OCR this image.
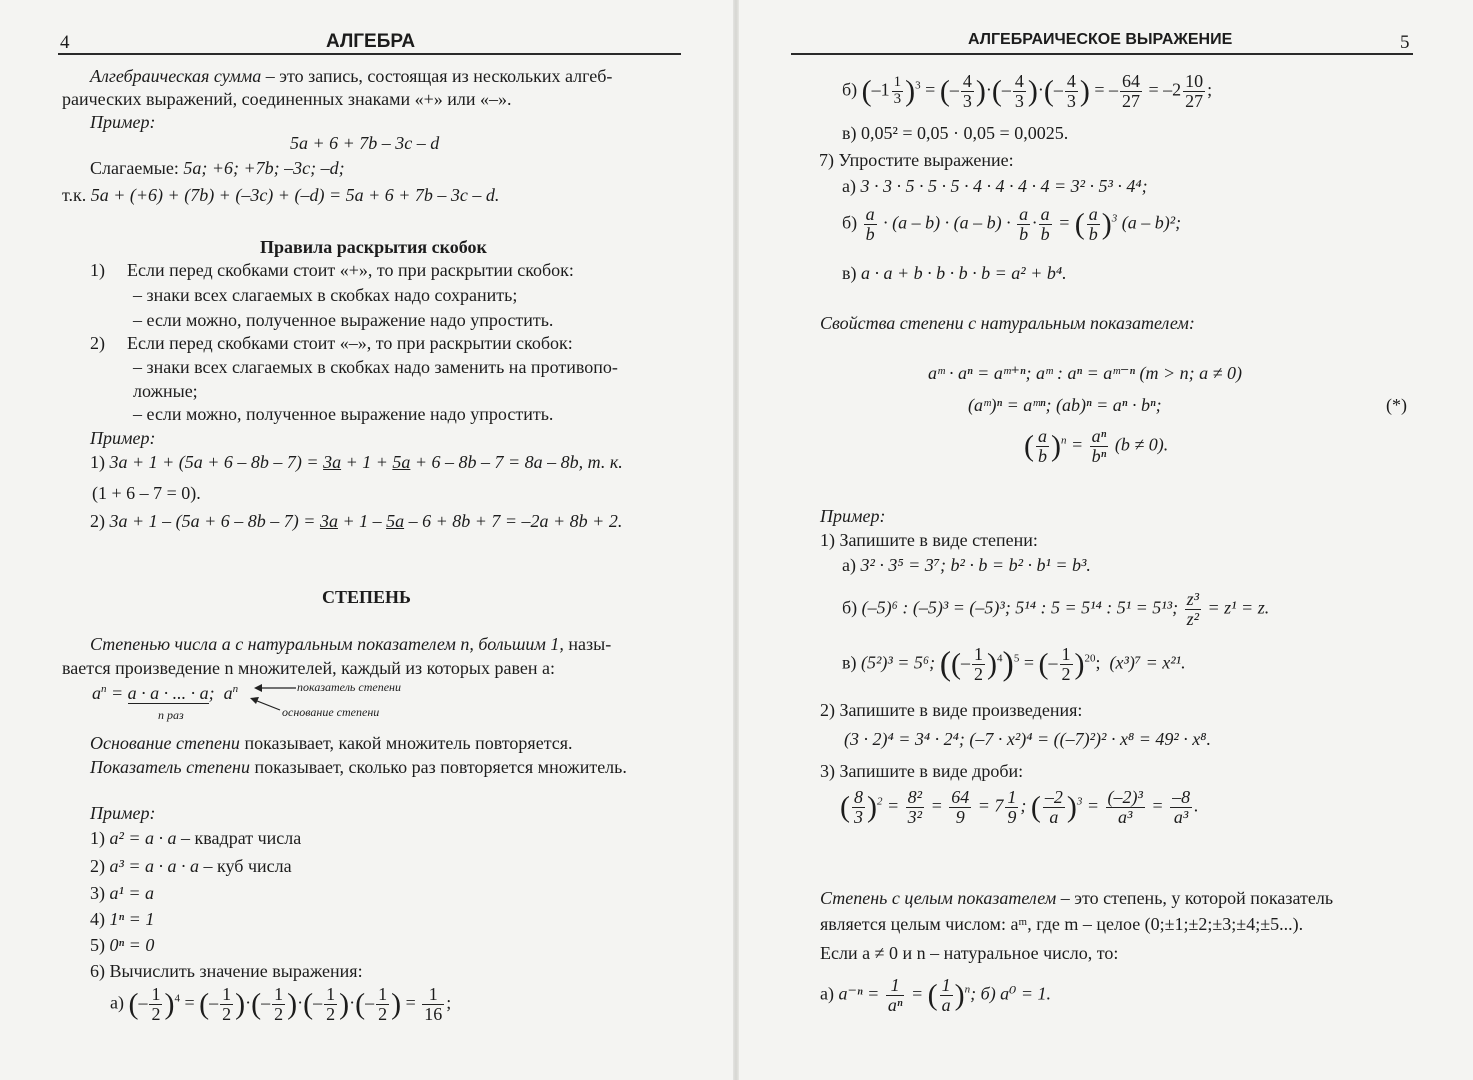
4	АЛГЕБРА
Алгебраическая сумма – это запись, состоящая из нескольких алгеб-
раических выражений, соединенных знаками «+» или «–».
Пример:
5a + 6 + 7b – 3c – d
Слагаемые: 5a; +6; +7b; –3c; –d;
т.к. 5a + (+6) + (7b) + (–3c) + (–d) = 5a + 6 + 7b – 3c – d.
Правила раскрытия скобок
1) Если перед скобками стоит «+», то при раскрытии скобок:
– знаки всех слагаемых в скобках надо сохранить;
– если можно, полученное выражение надо упростить.
2) Если перед скобками стоит «–», то при раскрытии скобок:
– знаки всех слагаемых в скобках надо заменить на противопо-
ложные;
– если можно, полученное выражение надо упростить.
Пример:
1) 3a + 1 + (5a + 6 – 8b – 7) = 3a + 1 + 5a + 6 – 8b – 7 = 8a – 8b, т. к.
(1 + 6 – 7 = 0).
2) 3a + 1 – (5a + 6 – 8b – 7) = 3a + 1 – 5a – 6 + 8b + 7 = –2a + 8b + 2.
СТЕПЕНЬ
Степенью числа a с натуральным показателем n, большим 1, назы-
вается произведение n множителей, каждый из которых равен a:
$a^n = a \cdot a$ · ... · a;  $a^n$
n раз
показатель степени
основание степени
Основание степени показывает, какой множитель повторяется.
Показатель степени показывает, сколько раз повторяется множитель.
Пример:
1) a² = a · a – квадрат числа
2) a³ = a · a · a – куб числа
3) a¹ = a
4) 1ⁿ = 1
5) 0ⁿ = 0
6) Вычислить значение выражения:
а) (– $\frac{1}{2} )^4$ = (– $\frac{1}{2}$ )·(– $\frac{1}{2}$ )·(– $\frac{1}{2}$ )·(– $\frac{1}{2}$ ) = $\frac{1}{16}$ ;
АЛГЕБРАИЧЕСКОЕ ВЫРАЖЕНИЕ	5
б) $(-1 \frac{1}{3} )^3$ = (– $\frac{4}{3}$ )·(– $\frac{4}{3}$ )·(– $\frac{4}{3}$ ) = – $\frac{64}{27} = -2 \frac{10}{27}$ ;
в) 0,05² = 0,05 · 0,05 = 0,0025.
7) Упростите выражение:
а) 3 · 3 · 5 · 5 · 5 · 4 · 4 · 4 · 4 = 3² · 5³ · 4⁴;
$б) \frac{a}{b} \cdot (a - b) \cdot (a - b) \cdot \frac{a}{b} \cdot \frac{a}{b}$ = ( $\frac{a}{b} )^3$ (a – b)²;
в) a · a + b · b · b · b = a² + b⁴.
Свойства степени с натуральным показателем:
aᵐ · aⁿ = aᵐ⁺ⁿ; aᵐ : aⁿ = aᵐ⁻ⁿ (m > n; a ≠ 0)
(aᵐ)ⁿ = aᵐⁿ; (ab)ⁿ = aⁿ · bⁿ;	(*)
( $\frac{a}{b} )^n = \frac{\text{aⁿ}}{\text{bⁿ}} (b \ne 0)$.
Пример:
1) Запишите в виде степени:
а) 3² · 3⁵ = 3⁷; b² · b = b² · b¹ = b³.
б) (–5)⁶ : (–5)³ = (–5)³; 5¹⁴ : 5 = 5¹⁴ : 5¹ = 5¹³; $\frac{\text{z³}}{\text{z²}} = z^1 = z$.
в) (5²)³ = 5⁶; ((– $\frac{1}{2} )^4)^5$ = (– $\frac{1}{2} )^{20}$;  (x³)⁷ = x²¹.
2) Запишите в виде произведения:
(3 · 2)⁴ = 3⁴ · 2⁴; (–7 · x²)⁴ = ((–7)²)² · x⁸ = 49² · x⁸.
3) Запишите в виде дроби:
( $\frac{8}{3} )^2 = \frac{\text{8²}}{\text{3²}} = \frac{64}{9} = 7 \frac{1}{9}$ ; ( $\frac{-2}{a} )^3 = \frac{\text{(–2)³}}{\text{a³}} = \frac{-8}{\text{a³}}$ .
Степень с целым показателем – это степень, у которой показатель
является целым числом: aᵐ, где m – целое (0;±1;±2;±3;±4;±5...).
Если a ≠ 0 и n – натуральное число, то:
а) $a^{-n} = \frac{1}{\text{aⁿ}}$ = ( $\frac{1}{a} )^n$; б) a⁰ = 1.
